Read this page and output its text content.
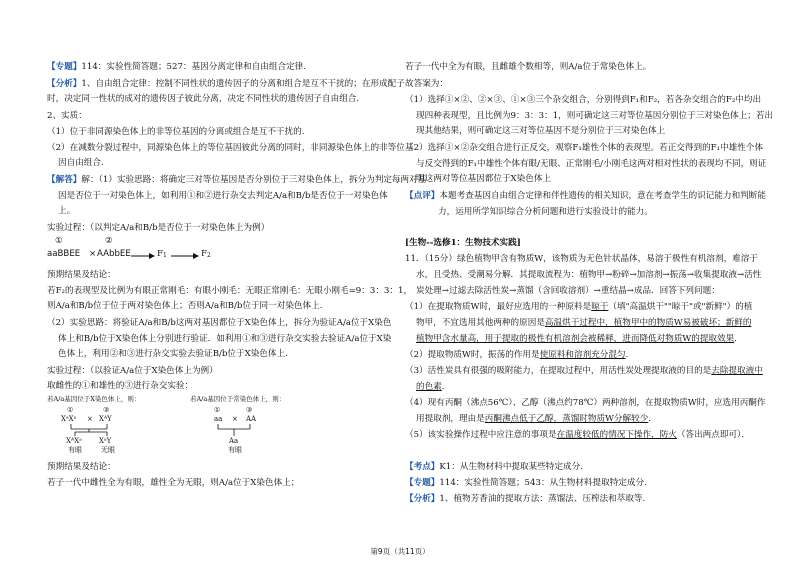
【专题】114：实验性简答题；527：基因分离定律和自由组合定律.
【分析】1、自由组合定律：控制不同性状的遗传因子的分离和组合是互不干扰的；在形成配子
时，决定同一性状的成对的遗传因子彼此分离，决定不同性状的遗传因子自由组合.
2、实质：
（1）位于非同源染色体上的非等位基因的分离或组合是互不干扰的.
（2）在减数分裂过程中，同源染色体上的等位基因彼此分离的同时，非同源染色体上的非等位基
因自由组合.
【解答】解：（1）实验思路：将确定三对等位基因是否分别位于三对染色体上，拆分为判定每两对基
因是否位于一对染色体上，如利用①和②进行杂交去判定A/a和B/b是否位于一对染色体
上。
实验过程：（以判定A/a和B/b是否位于一对染色体上为例）
①	②
aaBBEE × AAbbEE	F1	F2
预期结果及结论：
若F₂的表现型及比例为有眼正常刚毛：有眼小刚毛：无眼正常刚毛：无眼小刚毛=9：3：3：1，
则A/a和B/b位于位于两对染色体上；否则A/a和B/b位于同一对染色体上.
（2）实验思路：将验证A/a和B/b这两对基因都位于X染色体上，拆分为验证A/a位于X染色
体上和B/b位于X染色体上分别进行验证．如利用①和③进行杂交实验去验证A/a位于X染
色体上，利用②和③进行杂交实验去验证B/b位于X染色体上.
实验过程：（以验证A/a位于X染色体上为例）
取雌性的①和雄性的③进行杂交实验：
若A/a基因位于X染色体上，则：
①	③
XᵃXᵃ × XᴬY
XᴬXᵃ XᵃY
有眼	无眼
若A/a基因位于常染色体上，则：
①	③
aa × AA
Aa
有眼
预期结果及结论：
若子一代中雌性全为有眼，雄性全为无眼，则A/a位于X染色体上；
若子一代中全为有眼，且雌雄个数相等，则A/a位于常染色体上。
故答案为：
（1）选择①×②、②×③、①×③三个杂交组合，分别得到F₁和F₂，若各杂交组合的F₂中均出
现四种表现型，且比例为9：3：3：1，则可确定这三对等位基因分别位于三对染色体上；若出
现其他结果，则可确定这三对等位基因不是分别位于三对染色体上
（2）选择①×②杂交组合进行正反交，观察F₁雄性个体的表现型。若正交得到的F₁中雄性个体
与反交得到的F₁中雄性个体有眼/无眼、正常刚毛/小刚毛这两对相对性状的表现均不同，则证
明这两对等位基因都位于X染色体上
【点评】本题考查基因自由组合定律和伴性遗传的相关知识，意在考查学生的识记能力和判断能
力，运用所学知识综合分析问题和进行实验设计的能力。
[生物--选修1：生物技术实践]
11．（15分）绿色植物甲含有物质W，该物质为无色针状晶体，易溶于极性有机溶剂，难溶于
水，且受热、受潮易分解．其提取流程为：植物甲→粉碎→加溶剂→振荡→收集提取液→活性
炭处理→过滤去除活性炭→蒸馏（含回收溶剂）→重结晶→成品．回答下列问题：
（1）在提取物质W时，最好应选用的一种原料是晾干（填"高温烘干""晾干"或"新鲜"）的植
物甲，不宜选用其他两种的原因是高温烘干过程中，植物甲中的物质W易被破坏；新鲜的
植物甲含水量高，用于提取的极性有机溶剂会被稀释，进而降低对物质W的提取效果．
（2）提取物质W时，振荡的作用是使原料和溶剂充分混匀．
（3）活性炭具有很强的吸附能力，在提取过程中，用活性炭处理提取液的目的是去除提取液中
的色素．
（4）现有丙酮（沸点56℃）、乙醇（沸点约78℃）两种溶剂，在提取物质W时，应选用丙酮作
用提取剂，理由是丙酮沸点低于乙醇，蒸馏时物质W分解较少．
（5）该实验操作过程中应注意的事项是在温度较低的情况下操作，防火（答出两点即可）．
【考点】K1：从生物材料中提取某些特定成分.
【专题】114：实验性简答题；543：从生物材料提取特定成分.
【分析】1、植物芳香油的提取方法：蒸馏法、压榨法和萃取等.
第9页（共11页）
